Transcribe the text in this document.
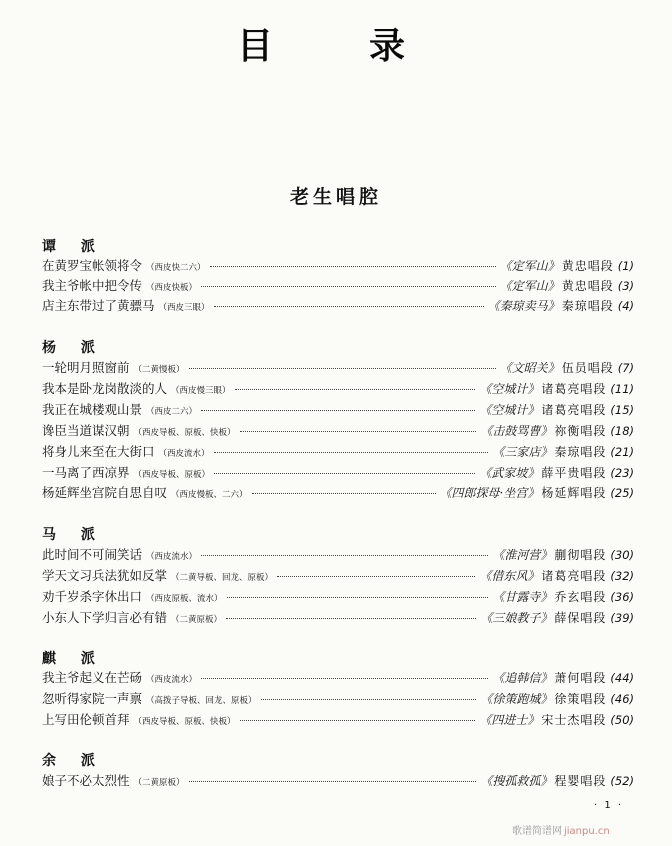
目　录
老生唱腔
谭 派
在黄罗宝帐领将令 （西皮快二六）	《定军山》 黄忠唱段 (1)
我主爷帐中把令传 （西皮快板）	《定军山》 黄忠唱段 (3)
店主东带过了黄骠马 （西皮三眼）	《秦琼卖马》 秦琼唱段 (4)
杨 派
一轮明月照窗前 （二黄慢板）	《文昭关》 伍员唱段 (7)
我本是卧龙岗散淡的人 （西皮慢三眼）	《空城计》 诸葛亮唱段 (11)
我正在城楼观山景 （西皮二六）	《空城计》 诸葛亮唱段 (15)
谗臣当道谋汉朝 （西皮导板、原板、快板）	《击鼓骂曹》 祢衡唱段 (18)
将身儿来至在大街口 （西皮流水）	《三家店》 秦琼唱段 (21)
一马离了西凉界 （西皮导板、原板）	《武家坡》 薛平贵唱段 (23)
杨延辉坐宫院自思自叹 （西皮慢板、二六）	《四郎探母·坐宫》 杨延辉唱段 (25)
马 派
此时间不可闹笑话 （西皮流水）	《淮河营》 蒯彻唱段 (30)
学天文习兵法犹如反掌 （二黄导板、回龙、原板）	《借东风》 诸葛亮唱段 (32)
劝千岁杀字休出口 （西皮原板、流水）	《甘露寺》 乔玄唱段 (36)
小东人下学归言必有错 （二黄原板）	《三娘教子》 薛保唱段 (39)
麒 派
我主爷起义在芒砀 （西皮流水）	《追韩信》 萧何唱段 (44)
忽听得家院一声禀 （高拨子导板、回龙、原板）	《徐策跑城》 徐策唱段 (46)
上写田伦顿首拜 （西皮导板、原板、快板）	《四进士》 宋士杰唱段 (50)
余 派
娘子不必太烈性 （二黄原板）	《搜孤救孤》 程婴唱段 (52)
· 1 ·
歌谱简谱网 jianpu.cn
